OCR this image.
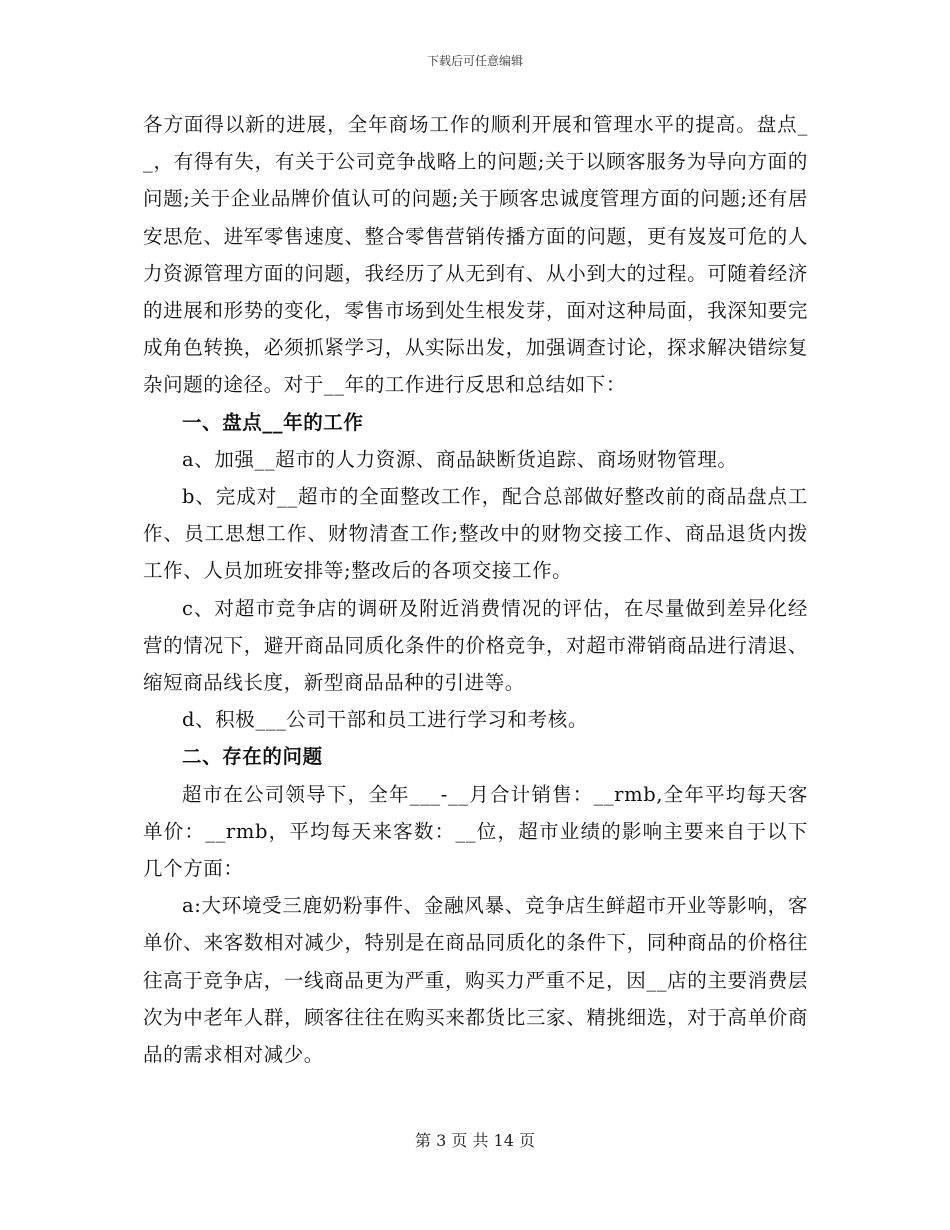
下载后可任意编辑

各方面得以新的进展，全年商场工作的顺利开展和管理水平的提高。盘点__，有得有失，有关于公司竞争战略上的问题;关于以顾客服务为导向方面的问题;关于企业品牌价值认可的问题;关于顾客忠诚度管理方面的问题;还有居安思危、进军零售速度、整合零售营销传播方面的问题，更有岌岌可危的人力资源管理方面的问题，我经历了从无到有、从小到大的过程。可随着经济的进展和形势的变化，零售市场到处生根发芽，面对这种局面，我深知要完成角色转换，必须抓紧学习，从实际出发，加强调查讨论，探求解决错综复杂问题的途径。对于__年的工作进行反思和总结如下：

一、盘点__年的工作

a、加强__超市的人力资源、商品缺断货追踪、商场财物管理。

b、完成对__超市的全面整改工作，配合总部做好整改前的商品盘点工作、员工思想工作、财物清查工作;整改中的财物交接工作、商品退货内拨工作、人员加班安排等;整改后的各项交接工作。

c、对超市竞争店的调研及附近消费情况的评估，在尽量做到差异化经营的情况下，避开商品同质化条件的价格竞争，对超市滞销商品进行清退、缩短商品线长度，新型商品品种的引进等。

d、积极___公司干部和员工进行学习和考核。

二、存在的问题

超市在公司领导下，全年___-__月合计销售：__rmb,全年平均每天客单价：__rmb，平均每天来客数：__位，超市业绩的影响主要来自于以下几个方面：

a:大环境受三鹿奶粉事件、金融风暴、竞争店生鲜超市开业等影响，客单价、来客数相对减少，特别是在商品同质化的条件下，同种商品的价格往往高于竞争店，一线商品更为严重，购买力严重不足，因__店的主要消费层次为中老年人群，顾客往往在购买来都货比三家、精挑细选，对于高单价商品的需求相对减少。

第 3 页 共 14 页
